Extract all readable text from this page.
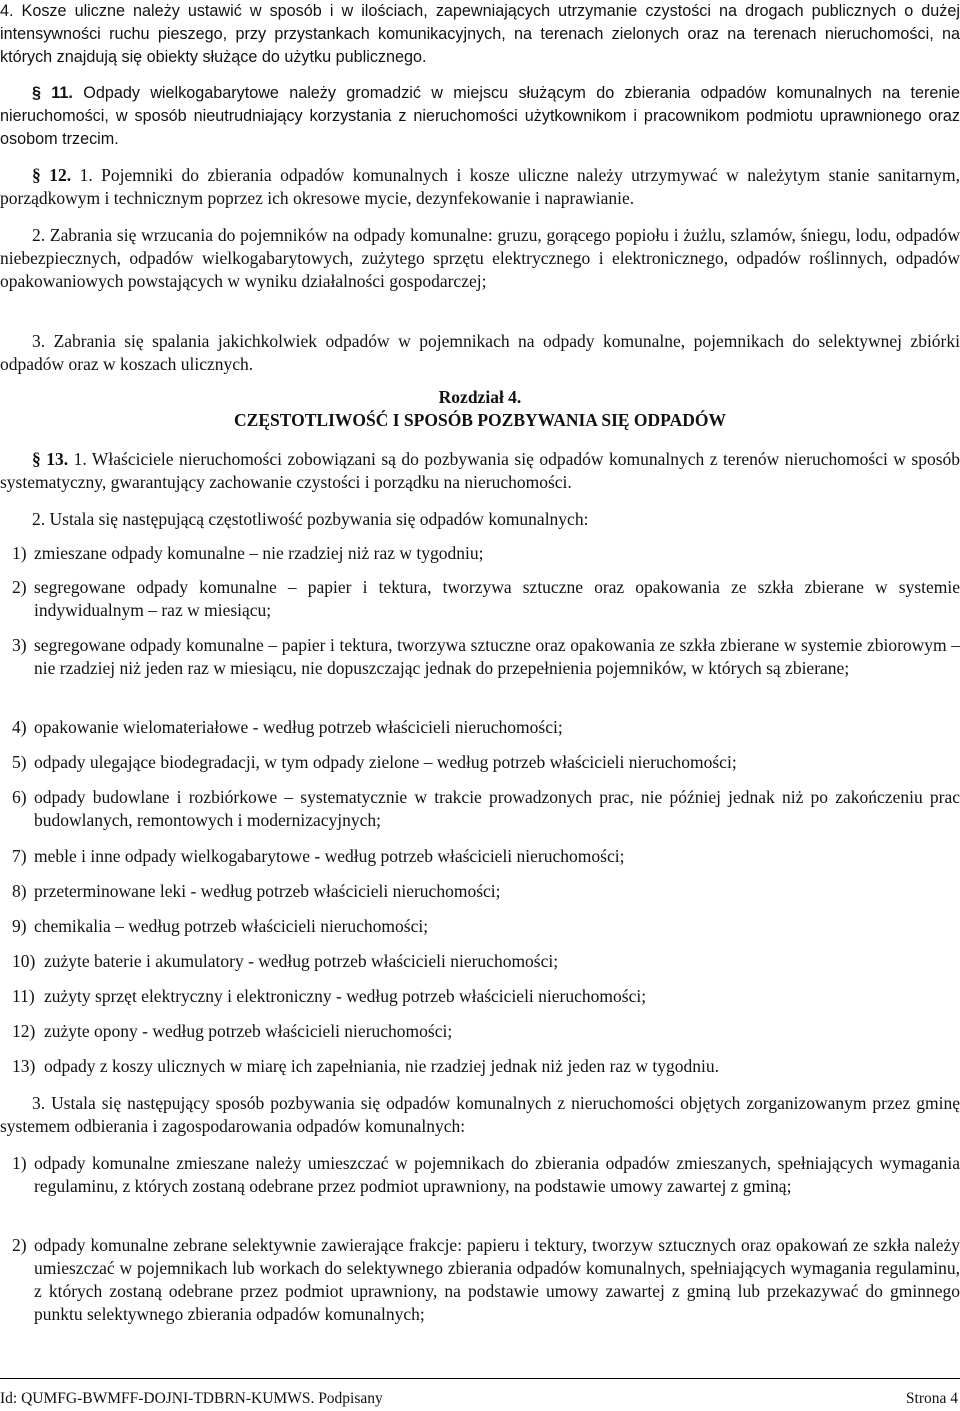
4. Kosze uliczne należy ustawić w sposób i w ilościach, zapewniających utrzymanie czystości na drogach publicznych o dużej intensywności ruchu pieszego, przy przystankach komunikacyjnych, na terenach zielonych oraz na terenach nieruchomości, na których znajdują się obiekty służące do użytku publicznego.
§ 11. Odpady wielkogabarytowe należy gromadzić w miejscu służącym do zbierania odpadów komunalnych na terenie nieruchomości, w sposób nieutrudniający korzystania z nieruchomości użytkownikom i pracownikom podmiotu uprawnionego oraz osobom trzecim.
§ 12. 1. Pojemniki do zbierania odpadów komunalnych i kosze uliczne należy utrzymywać w należytym stanie sanitarnym, porządkowym i technicznym poprzez ich okresowe mycie, dezynfekowanie i naprawianie.
2. Zabrania się wrzucania do pojemników na odpady komunalne: gruzu, gorącego popiołu i żużlu, szlamów, śniegu, lodu, odpadów niebezpiecznych, odpadów wielkogabarytowych, zużytego sprzętu elektrycznego i elektronicznego, odpadów roślinnych, odpadów opakowaniowych powstających w wyniku działalności gospodarczej;
3. Zabrania się spalania jakichkolwiek odpadów w pojemnikach na odpady komunalne, pojemnikach do selektywnej zbiórki odpadów oraz w koszach ulicznych.
Rozdział 4.
CZĘSTOTLIWOŚĆ I SPOSÓB POZBYWANIA SIĘ ODPADÓW
§ 13. 1. Właściciele nieruchomości zobowiązani są do pozbywania się odpadów komunalnych z terenów nieruchomości w sposób systematyczny, gwarantujący zachowanie czystości i porządku na nieruchomości.
2. Ustala się następującą częstotliwość pozbywania się odpadów komunalnych:
1) zmieszane odpady komunalne – nie rzadziej niż raz w tygodniu;
2) segregowane odpady komunalne – papier i tektura, tworzywa sztuczne oraz opakowania ze szkła zbierane w systemie indywidualnym – raz w miesiącu;
3) segregowane odpady komunalne – papier i tektura, tworzywa sztuczne oraz opakowania ze szkła zbierane w systemie zbiorowym – nie rzadziej niż jeden raz w miesiącu, nie dopuszczając jednak do przepełnienia pojemników, w których są zbierane;
4) opakowanie wielomateriałowe - według potrzeb właścicieli nieruchomości;
5) odpady ulegające biodegradacji, w tym odpady zielone – według potrzeb właścicieli nieruchomości;
6) odpady budowlane i rozbiórkowe – systematycznie w trakcie prowadzonych prac, nie później jednak niż po zakończeniu prac budowlanych, remontowych i modernizacyjnych;
7) meble i inne odpady wielkogabarytowe - według potrzeb właścicieli nieruchomości;
8) przeterminowane leki - według potrzeb właścicieli nieruchomości;
9) chemikalia – według potrzeb właścicieli nieruchomości;
10) zużyte baterie i akumulatory - według potrzeb właścicieli nieruchomości;
11) zużyty sprzęt elektryczny i elektroniczny - według potrzeb właścicieli nieruchomości;
12) zużyte opony - według potrzeb właścicieli nieruchomości;
13) odpady z koszy ulicznych w miarę ich zapełniania, nie rzadziej jednak niż jeden raz w tygodniu.
3. Ustala się następujący sposób pozbywania się odpadów komunalnych z nieruchomości objętych zorganizowanym przez gminę systemem odbierania i zagospodarowania odpadów komunalnych:
1) odpady komunalne zmieszane należy umieszczać w pojemnikach do zbierania odpadów zmieszanych, spełniających wymagania regulaminu, z których zostaną odebrane przez podmiot uprawniony, na podstawie umowy zawartej z gminą;
2) odpady komunalne zebrane selektywnie zawierające frakcje: papieru i tektury, tworzyw sztucznych oraz opakowań ze szkła należy umieszczać w pojemnikach lub workach do selektywnego zbierania odpadów komunalnych, spełniających wymagania regulaminu, z których zostaną odebrane przez podmiot uprawniony, na podstawie umowy zawartej z gminą lub przekazywać do gminnego punktu selektywnego zbierania odpadów komunalnych;
Id: QUMFG-BWMFF-DOJNI-TDBRN-KUMWS. Podpisany	Strona 4
